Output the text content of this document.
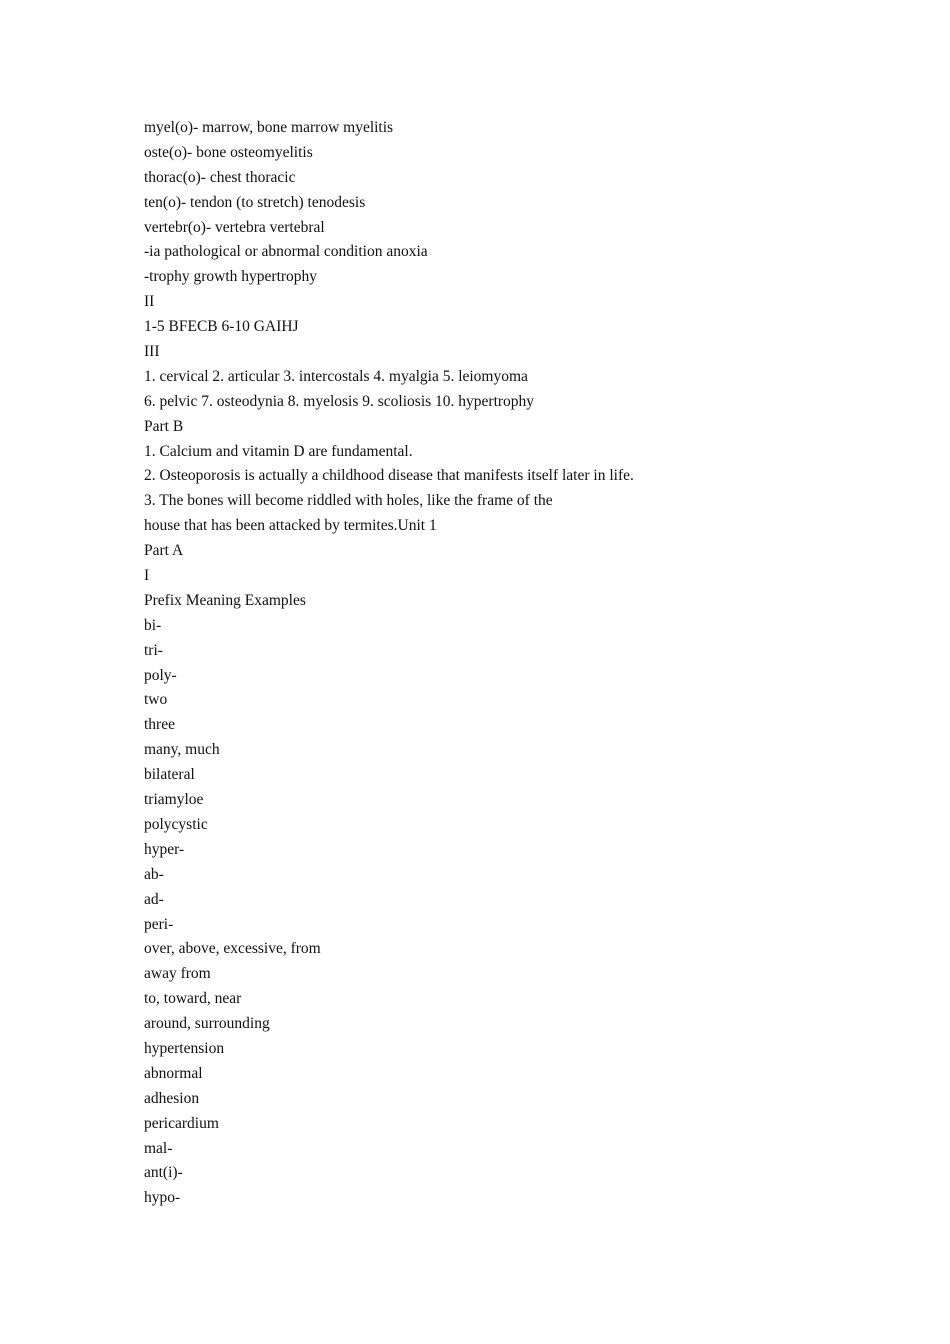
myel(o)- marrow, bone marrow myelitis

oste(o)- bone osteomyelitis

thorac(o)- chest thoracic

ten(o)- tendon (to stretch) tenodesis

vertebr(o)- vertebra vertebral

-ia pathological or abnormal condition anoxia

-trophy growth hypertrophy

II

1-5 BFECB 6-10 GAIHJ

III

1. cervical 2. articular 3. intercostals 4. myalgia 5. leiomyoma

6. pelvic 7. osteodynia 8. myelosis 9. scoliosis 10. hypertrophy

Part B

1. Calcium and vitamin D are fundamental.

2. Osteoporosis is actually a childhood disease that manifests itself later in life.

3. The bones will become riddled with holes, like the frame of the

house that has been attacked by termites.Unit 1

Part A

I

Prefix Meaning Examples

bi-

tri-

poly-

two

three

many, much

bilateral

triamyloe

polycystic

hyper-

ab-

ad-

peri-

over, above, excessive, from

away from

to, toward, near

around, surrounding

hypertension

abnormal

adhesion

pericardium

mal-

ant(i)-

hypo-
